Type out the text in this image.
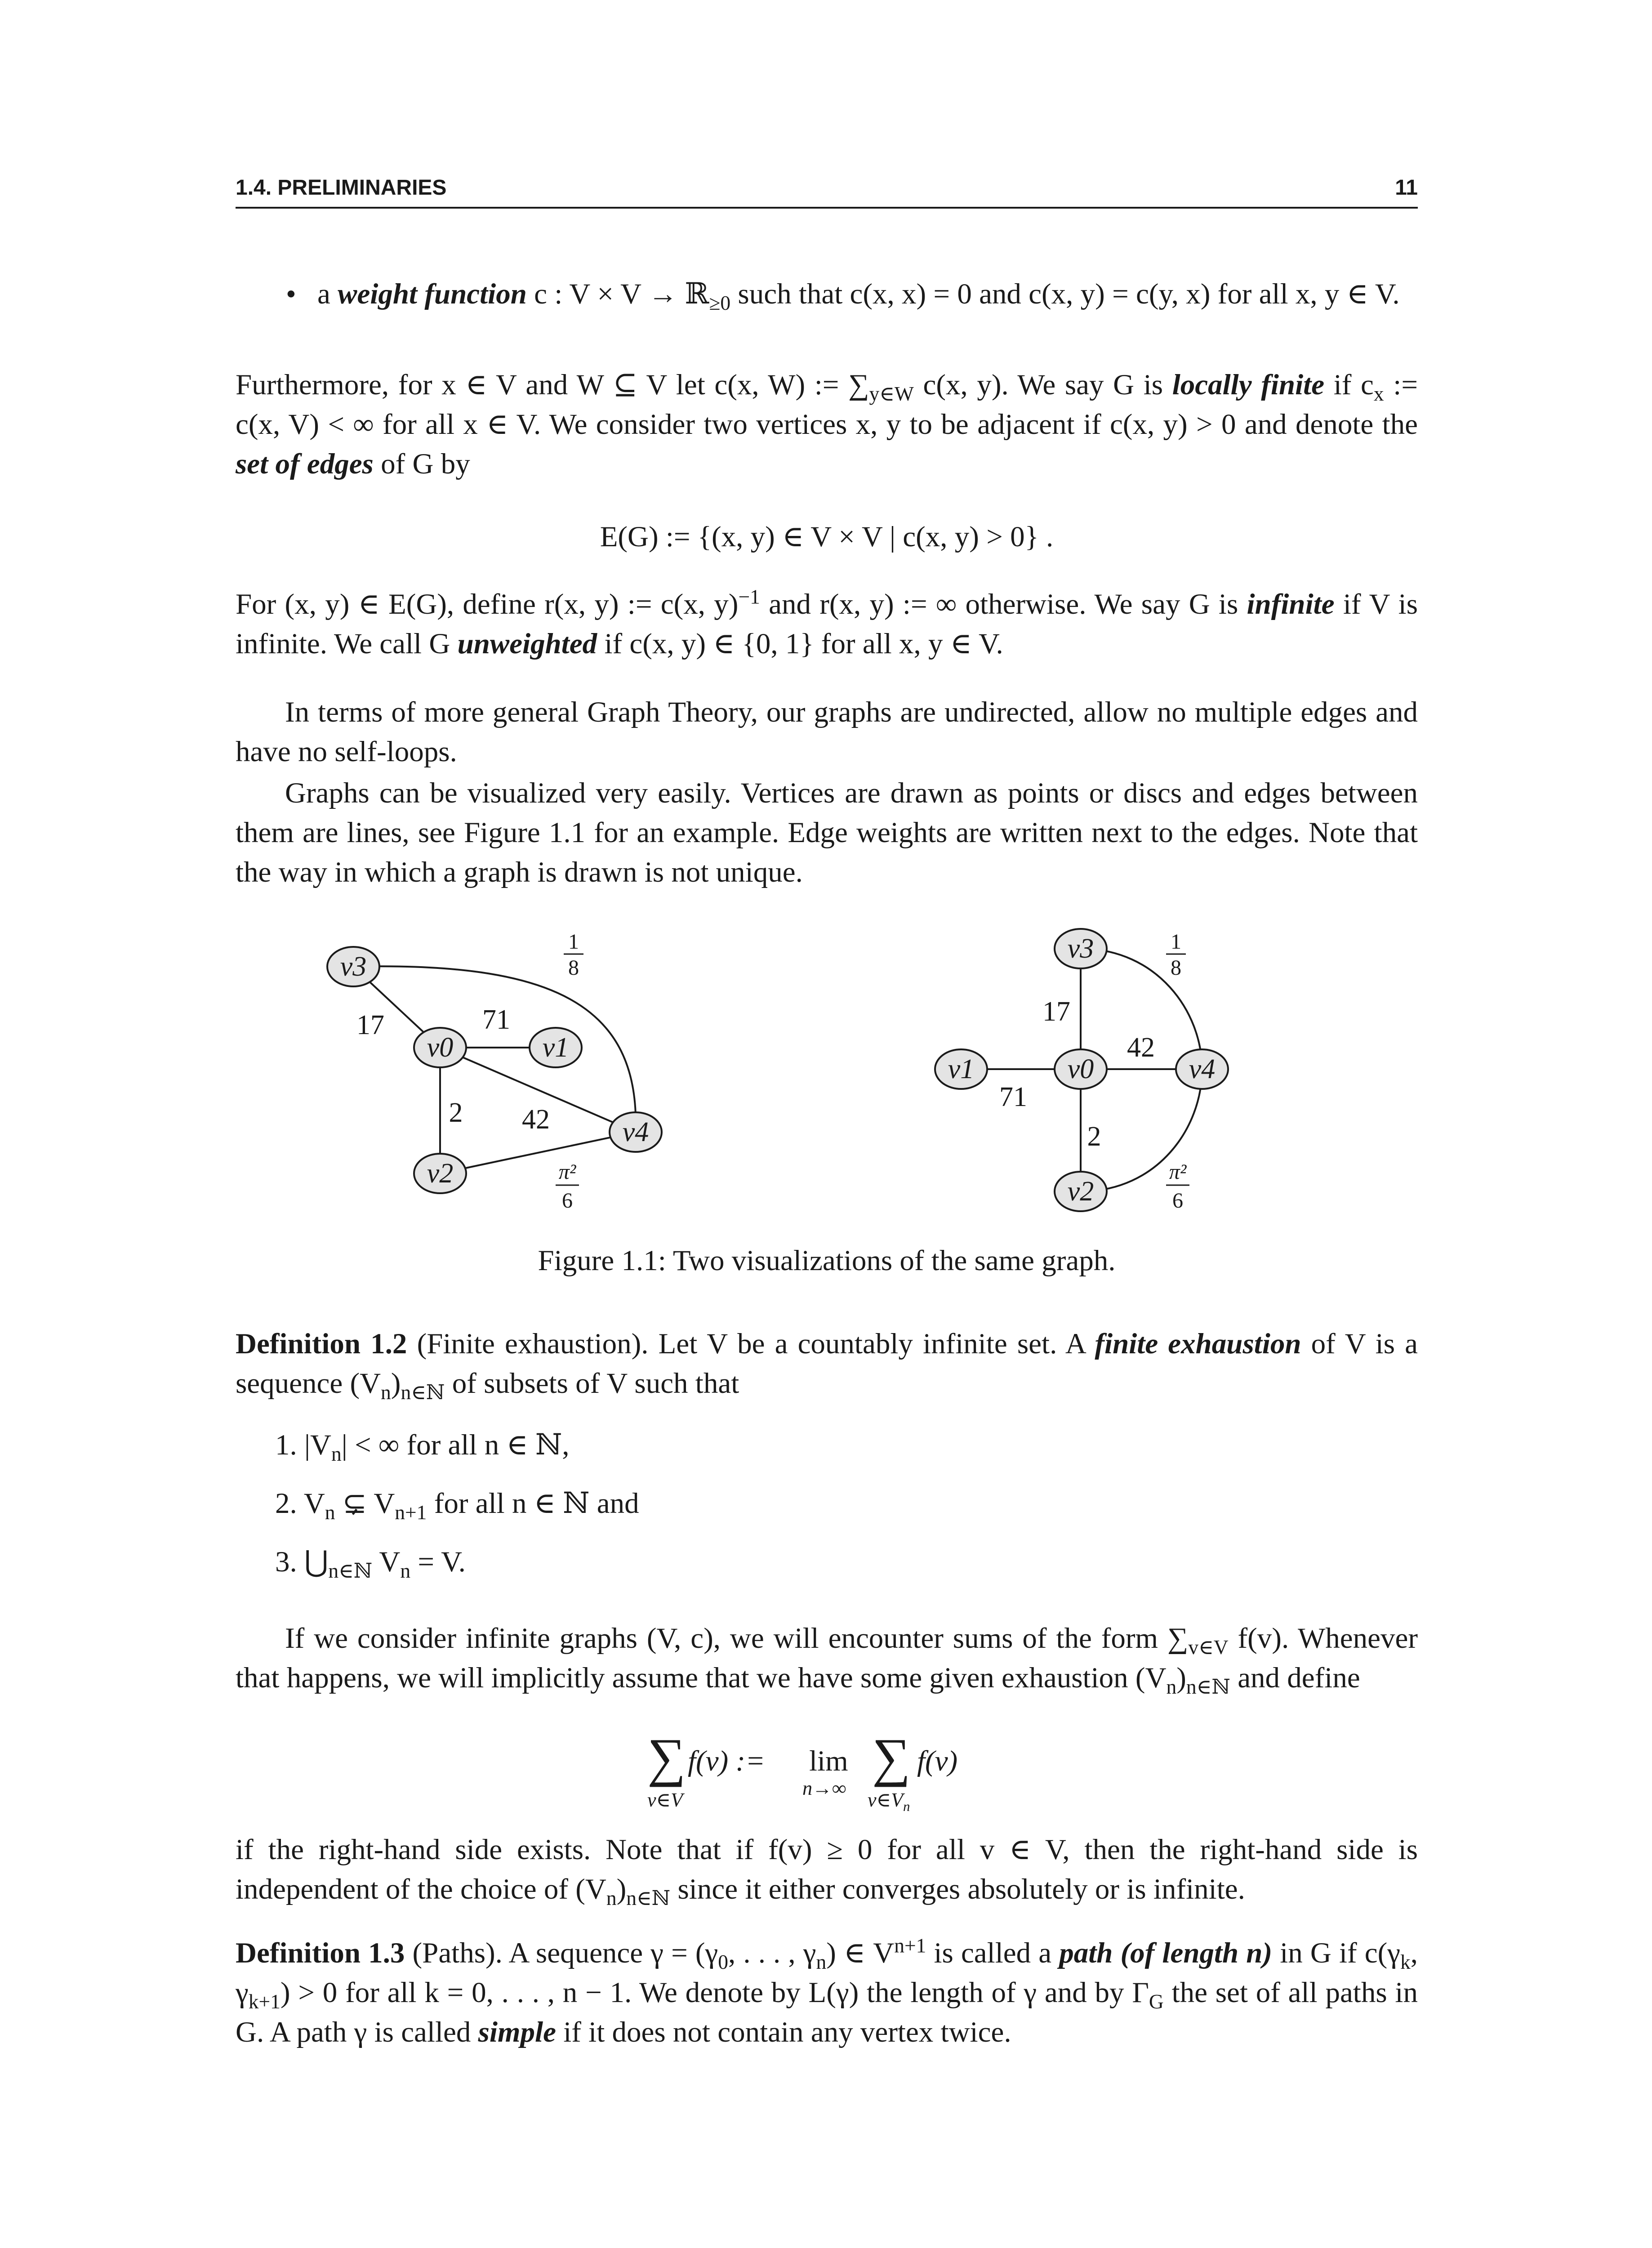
1.4. PRELIMINARIES	11
• a weight function c : V × V → ℝ$_{\ge 0}$ such that c(x, x) = 0 and c(x, y) = c(y, x) for all x, y ∈ V.
Furthermore, for x ∈ V and W ⊆ V let c(x, W) := $\sum_{y\in W}$ c(x, y). We say G is locally finite if $c_x$ := c(x, V) < ∞ for all x ∈ V. We consider two vertices x, y to be adjacent if c(x, y) > 0 and denote the set of edges of G by
E(G) := {(x, y) ∈ V × V | c(x, y) > 0} .
For (x, y) ∈ E(G), define r(x, y) := c(x, y)$^{-1}$ and r(x, y) := ∞ otherwise. We say G is infinite if V is infinite. We call G unweighted if c(x, y) ∈ {0, 1} for all x, y ∈ V.
In terms of more general Graph Theory, our graphs are undirected, allow no multiple edges and have no self-loops.
Graphs can be visualized very easily. Vertices are drawn as points or discs and edges between them are lines, see Figure 1.1 for an example. Edge weights are written next to the edges. Note that the way in which a graph is drawn is not unique.
v3
v0	v1
v2
v4
17	71
2 42
1
8
π²
6
v3
v1	v0	v4
v2
17
71
42
2
1
8
π²
6
Figure 1.1: Two visualizations of the same graph.
Definition 1.2 (Finite exhaustion). Let V be a countably infinite set. A finite exhaustion of V is a sequence $(V_n)_{n\in ℕ}$ of subsets of V such that
1. $|V_n|$ < ∞ for all n ∈ ℕ,
2. $V_n$ ⊊ $V_{n+1}$ for all n ∈ ℕ and
3. $⋃_{n\in ℕ}$ $V_n = V$.
If we consider infinite graphs (V, c), we will encounter sums of the form $\sum_{v\in V}$ f(v). Whenever that happens, we will implicitly assume that we have some given exhaustion $(V_n)_{n\in ℕ}$ and define
∑ f(v) :=
v∈V
lim
n→∞
∑ f(v)
$v\in V_n$
if the right-hand side exists. Note that if f(v) ≥ 0 for all v ∈ V, then the right-hand side is independent of the choice of $(V_n)_{n\in ℕ}$ since it either converges absolutely or is infinite.
Definition 1.3 (Paths). A sequence $\gamma = (\gamma_0$, . . . , $\gamma_n$) ∈ $V^{n+1}$ is called a path (of length n) in G if $c(\gamma_k$, $\gamma_{k+1}) > 0$ for all k = 0, . . . , n − 1. We denote by L(γ) the length of γ and by $\Gamma_G$ the set of all paths in G. A path γ is called simple if it does not contain any vertex twice.
